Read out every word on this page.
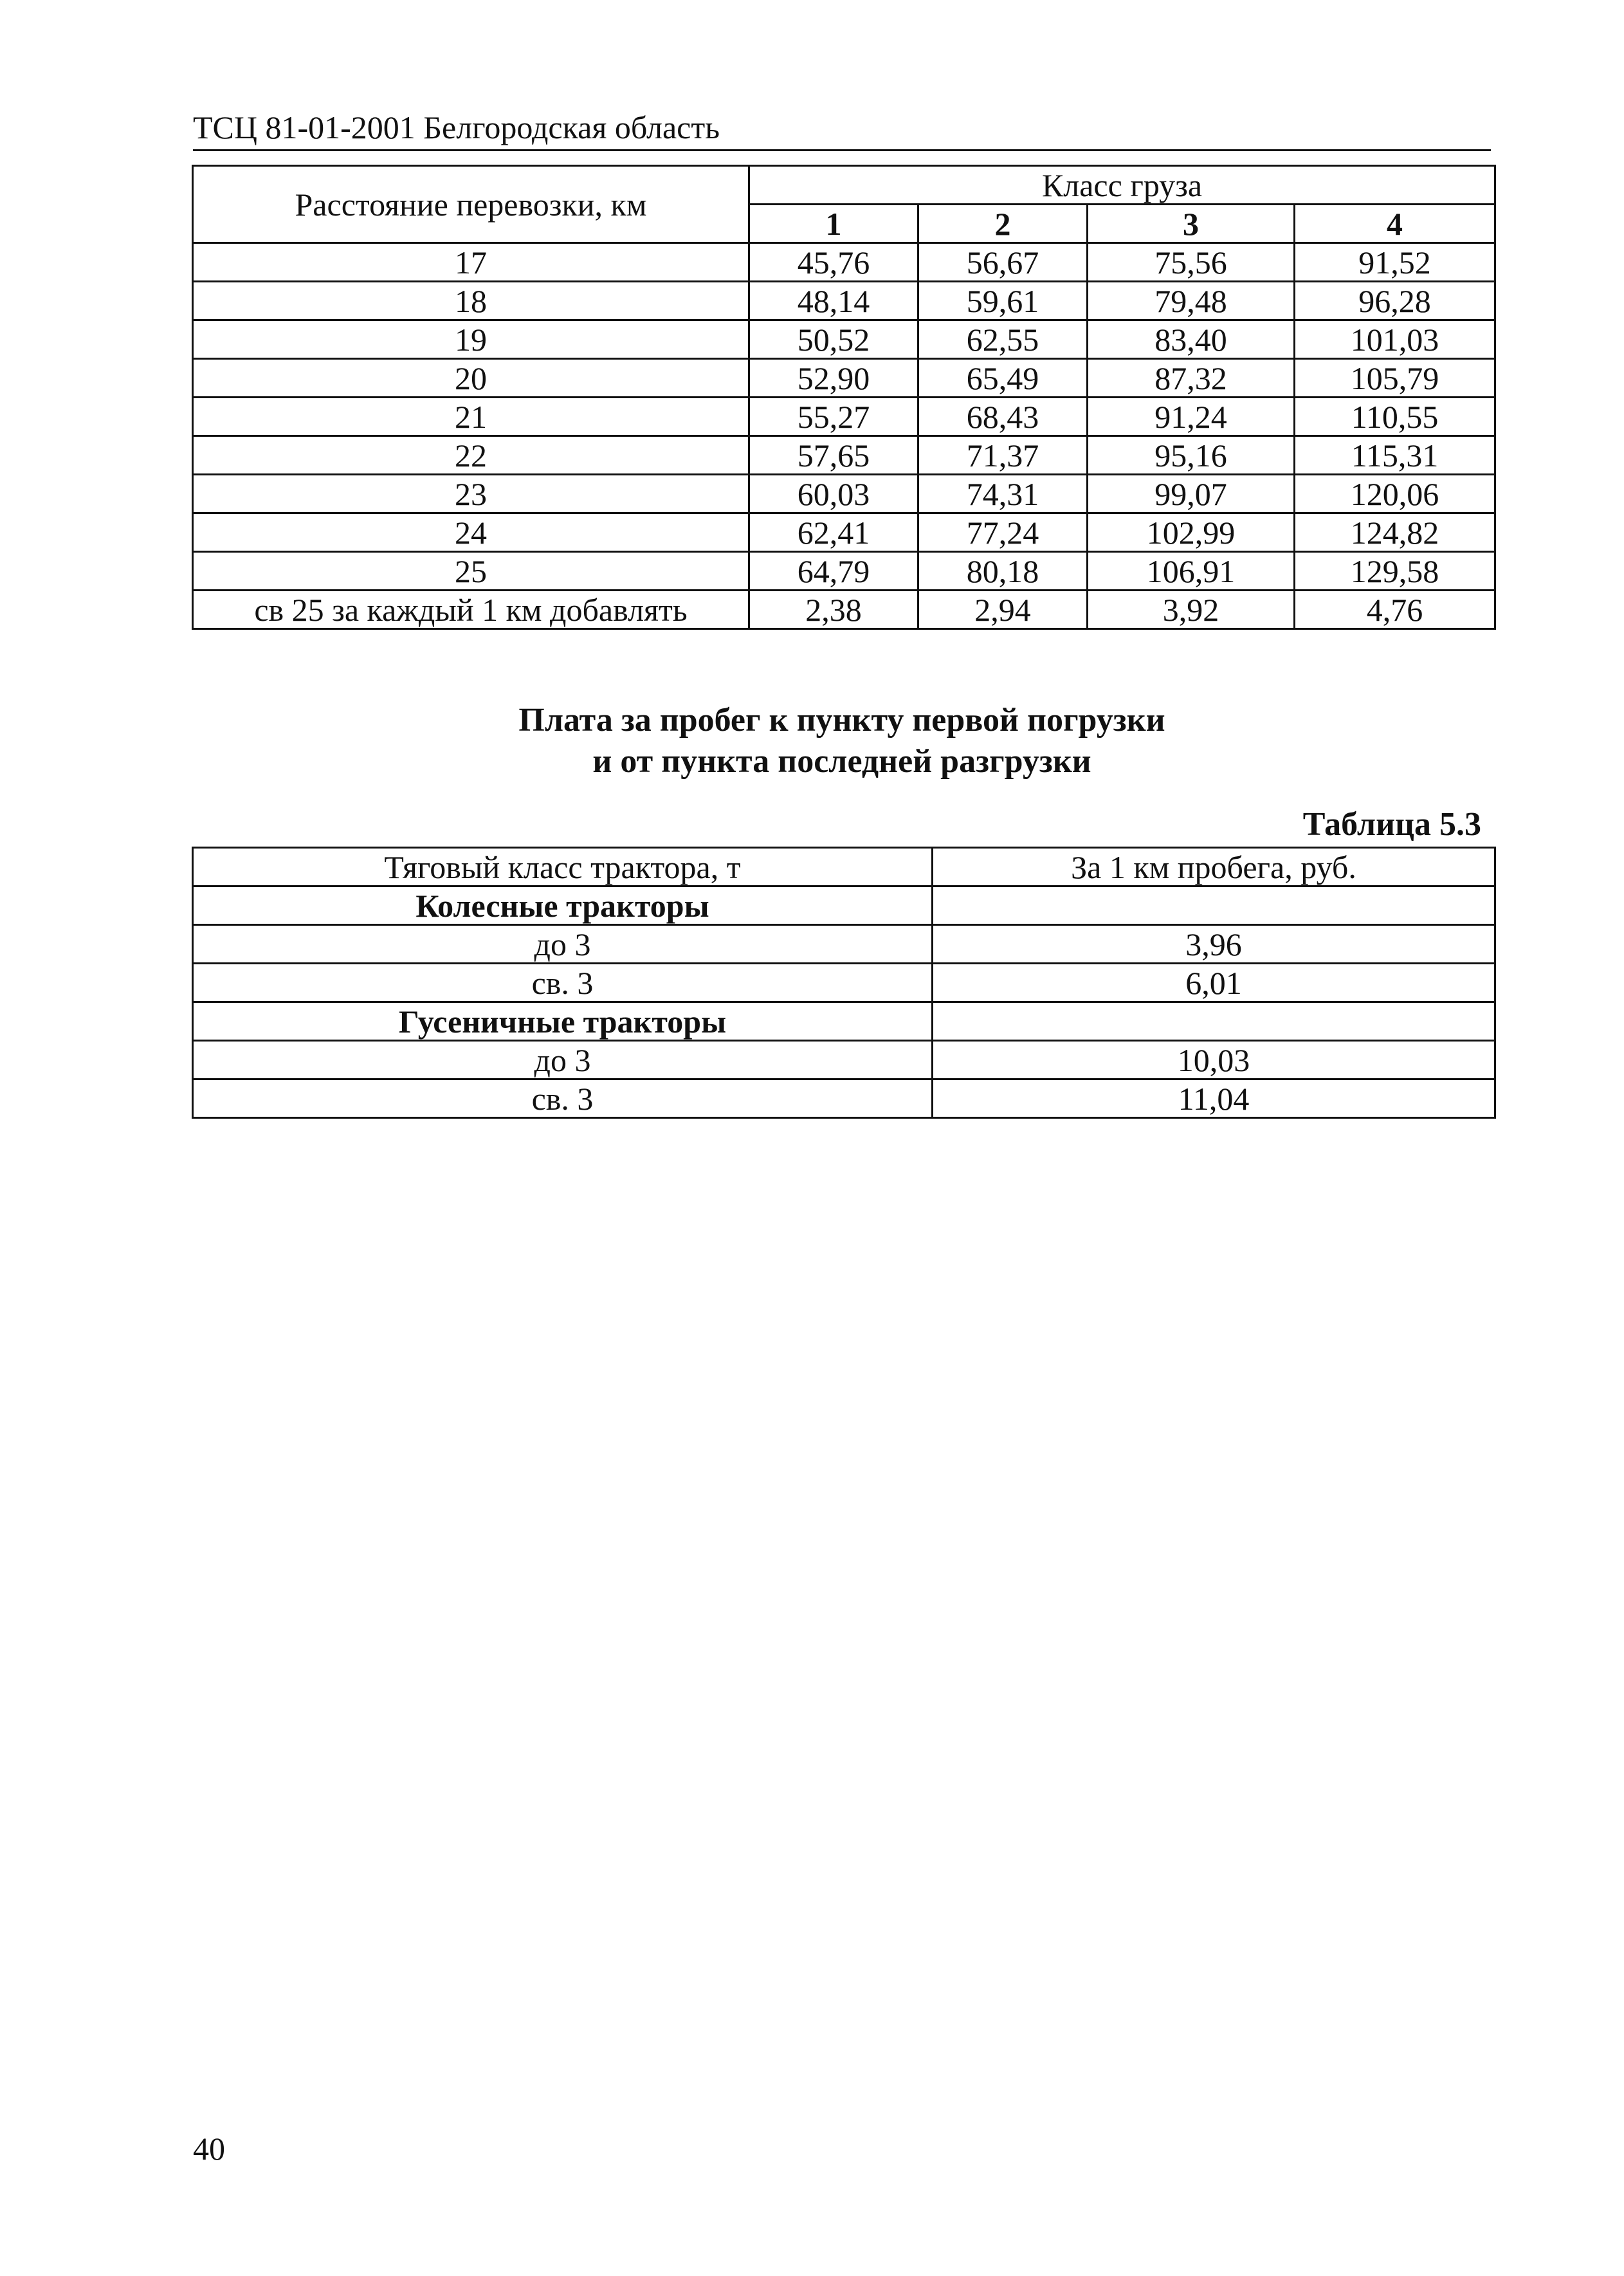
ТСЦ 81-01-2001 Белгородская область
Расстояние перевозки, км	Класс груза			
	1	2	3	4
17	45,76	56,67	75,56	91,52
18	48,14	59,61	79,48	96,28
19	50,52	62,55	83,40	101,03
20	52,90	65,49	87,32	105,79
21	55,27	68,43	91,24	110,55
22	57,65	71,37	95,16	115,31
23	60,03	74,31	99,07	120,06
24	62,41	77,24	102,99	124,82
25	64,79	80,18	106,91	129,58
св 25 за каждый 1 км добавлять	2,38	2,94	3,92	4,76
Плата за пробег к пункту первой погрузки
и от пункта последней разгрузки
Таблица 5.3
Тяговый класс трактора, т	За 1 км пробега, руб.
Колесные тракторы	
до 3	3,96
св. 3	6,01
Гусеничные тракторы	
до 3	10,03
св. 3	11,04
40
